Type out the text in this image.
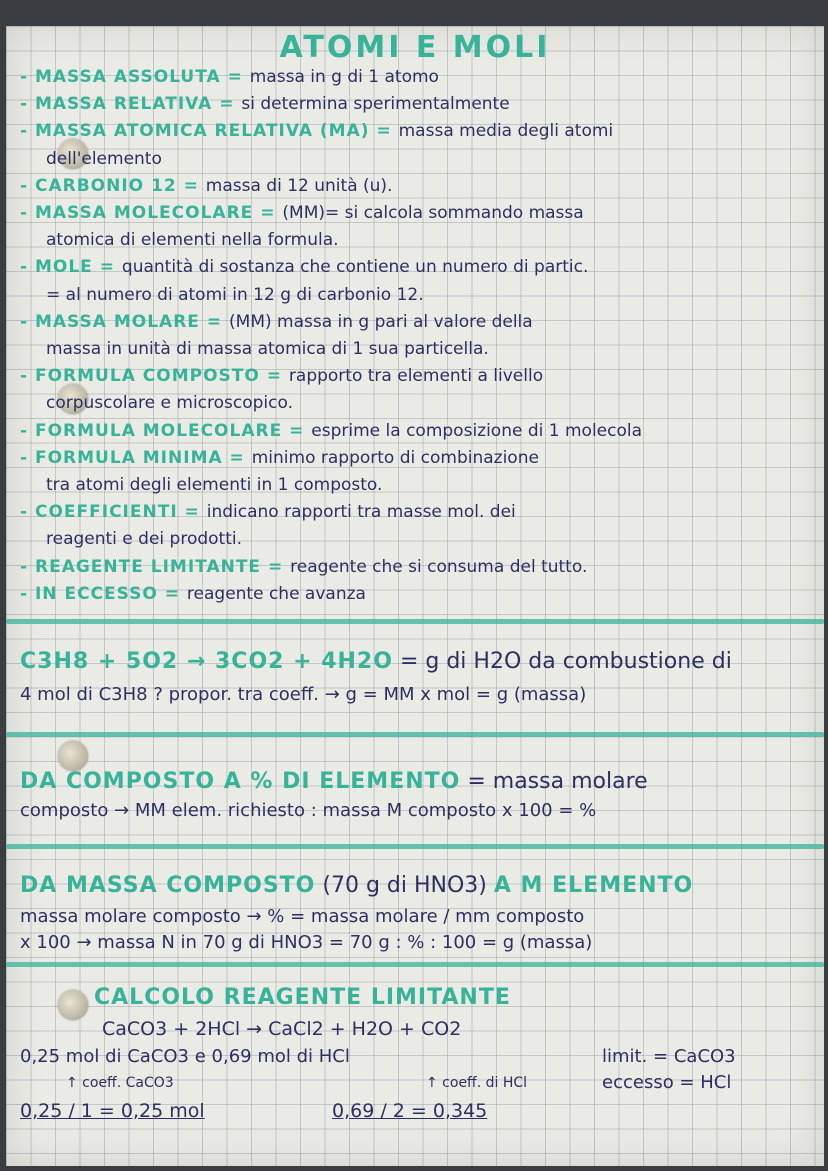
ATOMI E MOLI
- MASSA ASSOLUTA = massa in g di 1 atomo
- MASSA RELATIVA = si determina sperimentalmente
- MASSA ATOMICA RELATIVA (MA) = massa media degli atomi
dell'elemento
- CARBONIO 12 = massa di 12 unità (u).
- MASSA MOLECOLARE = (MM)= si calcola sommando massa
atomica di elementi nella formula.
- MOLE = quantità di sostanza che contiene un numero di partic.
= al numero di atomi in 12 g di carbonio 12.
- MASSA MOLARE = (MM) massa in g pari al valore della
massa in unità di massa atomica di 1 sua particella.
- FORMULA COMPOSTO = rapporto tra elementi a livello
corpuscolare e microscopico.
- FORMULA MOLECOLARE = esprime la composizione di 1 molecola
- FORMULA MINIMA = minimo rapporto di combinazione
tra atomi degli elementi in 1 composto.
- COEFFICIENTI = indicano rapporti tra masse mol. dei
reagenti e dei prodotti.
- REAGENTE LIMITANTE = reagente che si consuma del tutto.
- IN ECCESSO = reagente che avanza
C3H8 + 5O2 → 3CO2 + 4H2O = g di H2O da combustione di
4 mol di C3H8 ? propor. tra coeff. → g = MM x mol = g (massa)
DA COMPOSTO A % DI ELEMENTO = massa molare
composto → MM elem. richiesto : massa M composto x 100 = %
DA MASSA COMPOSTO (70 g di HNO3) A M ELEMENTO
massa molare composto → % = massa molare / mm composto
x 100 → massa N in 70 g di HNO3 = 70 g : % : 100 = g (massa)
CALCOLO REAGENTE LIMITANTE
CaCO3 + 2HCl → CaCl2 + H2O + CO2
0,25 mol di CaCO3 e 0,69 mol di HCl	limit. = CaCO3
↑ coeff. CaCO3	↑ coeff. di HCl	eccesso = HCl
0,25 / 1 = 0,25 mol	0,69 / 2 = 0,345
